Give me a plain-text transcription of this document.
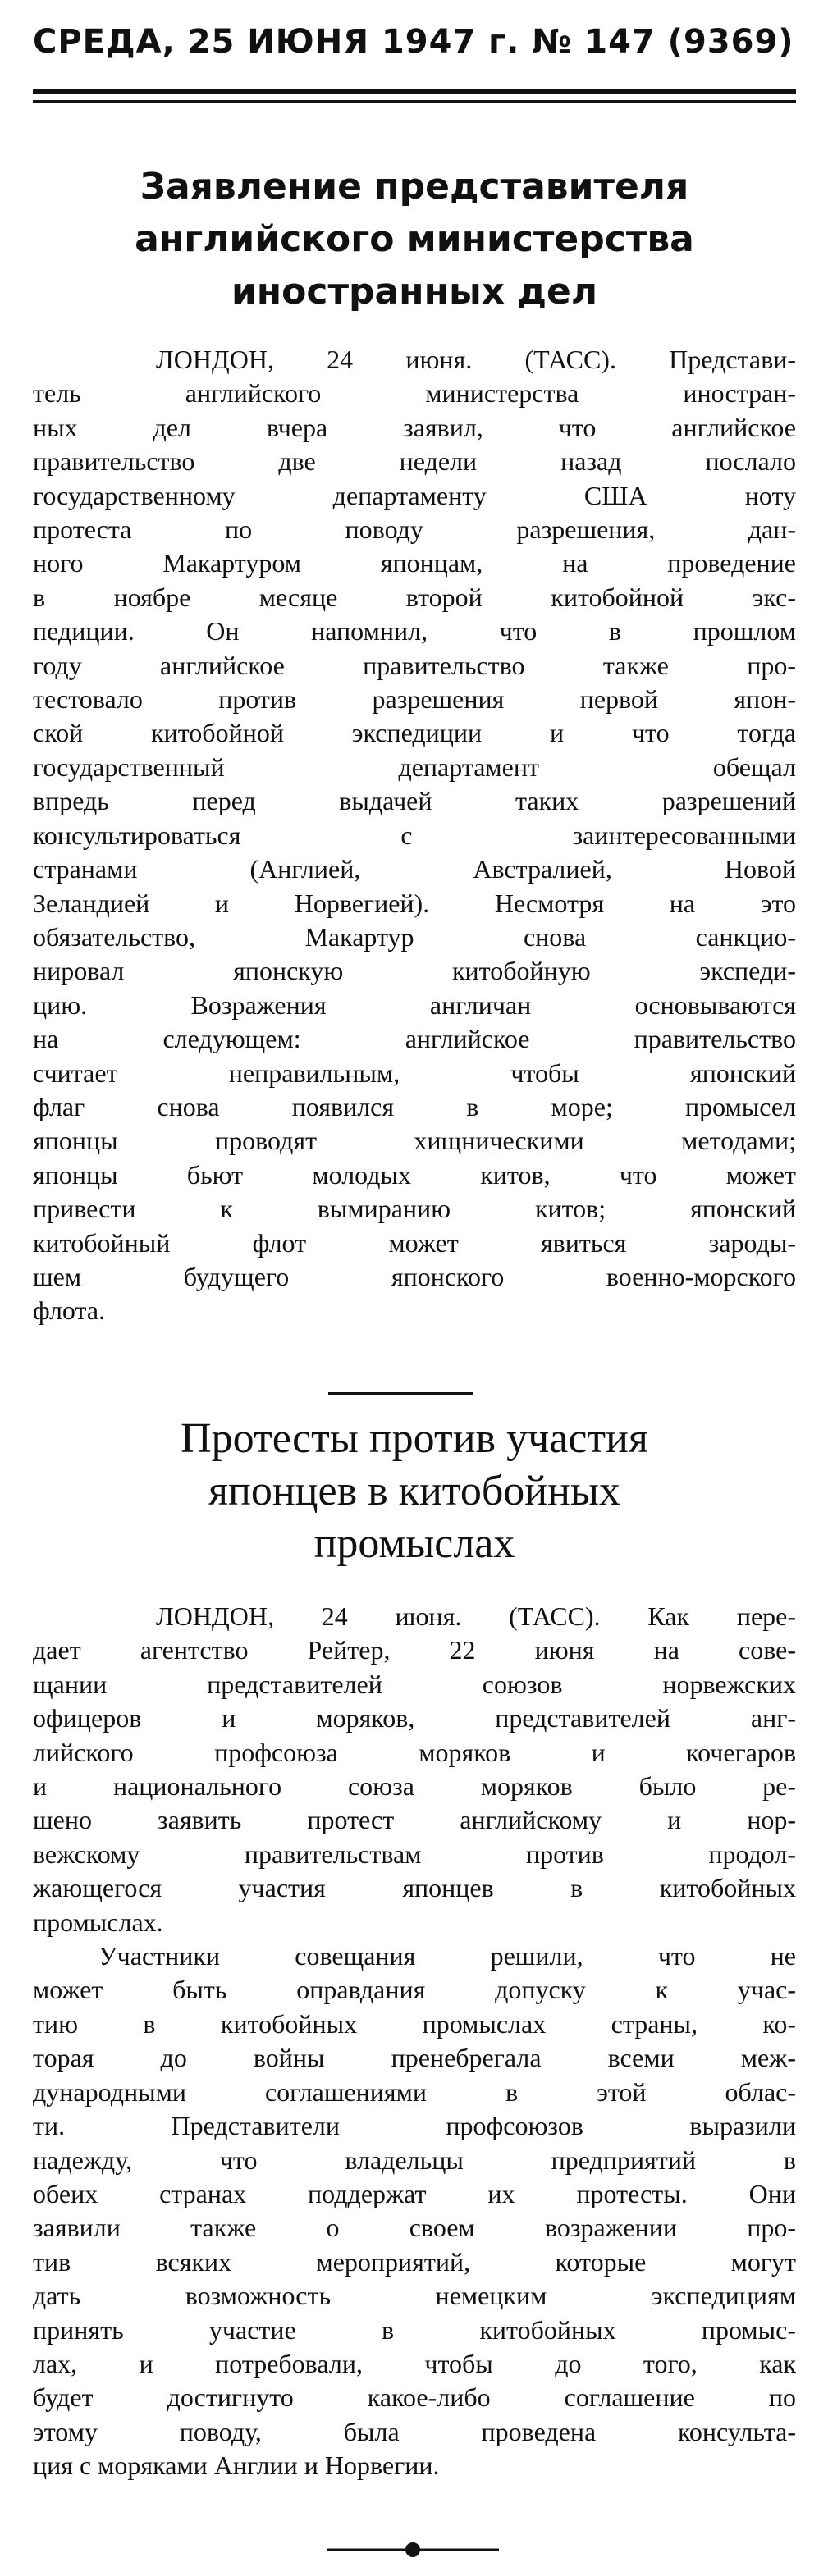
СРЕДА, 25 ИЮНЯ 1947 г. № 147 (9369)
Заявление представителя
английского министерства
иностранных дел
ЛОНДОН, 24 июня. (ТАСС). Представи-
тель английского министерства иностран-
ных дел вчера заявил, что английское
правительство две недели назад послало
государственному департаменту США ноту
протеста по поводу разрешения, дан-
ного Макартуром японцам, на проведение
в ноябре месяце второй китобойной экс-
педиции. Он напомнил, что в прошлом
году английское правительство также про-
тестовало против разрешения первой япон-
ской китобойной экспедиции и что тогда
государственный департамент обещал
впредь перед выдачей таких разрешений
консультироваться с заинтересованными
странами (Англией, Австралией, Новой
Зеландией и Норвегией). Несмотря на это
обязательство, Макартур снова санкцио-
нировал японскую китобойную экспеди-
цию. Возражения англичан основываются
на следующем: английское правительство
считает неправильным, чтобы японский
флаг снова появился в море; промысел
японцы проводят хищническими методами;
японцы бьют молодых китов, что может
привести к вымиранию китов; японский
китобойный флот может явиться зароды-
шем будущего японского военно-морского
флота.
Протесты против участия
японцев в китобойных
промыслах
ЛОНДОН, 24 июня. (ТАСС). Как пере-
дает агентство Рейтер, 22 июня на сове-
щании представителей союзов норвежских
офицеров и моряков, представителей анг-
лийского профсоюза моряков и кочегаров
и национального союза моряков было ре-
шено заявить протест английскому и нор-
вежскому правительствам против продол-
жающегося участия японцев в китобойных
промыслах.
Участники совещания решили, что не
может быть оправдания допуску к учас-
тию в китобойных промыслах страны, ко-
торая до войны пренебрегала всеми меж-
дународными соглашениями в этой облас-
ти. Представители профсоюзов выразили
надежду, что владельцы предприятий в
обеих странах поддержат их протесты. Они
заявили также о своем возражении про-
тив всяких мероприятий, которые могут
дать возможность немецким экспедициям
принять участие в китобойных промыс-
лах, и потребовали, чтобы до того, как
будет достигнуто какое-либо соглашение по
этому поводу, была проведена консульта-
ция с моряками Англии и Норвегии.
